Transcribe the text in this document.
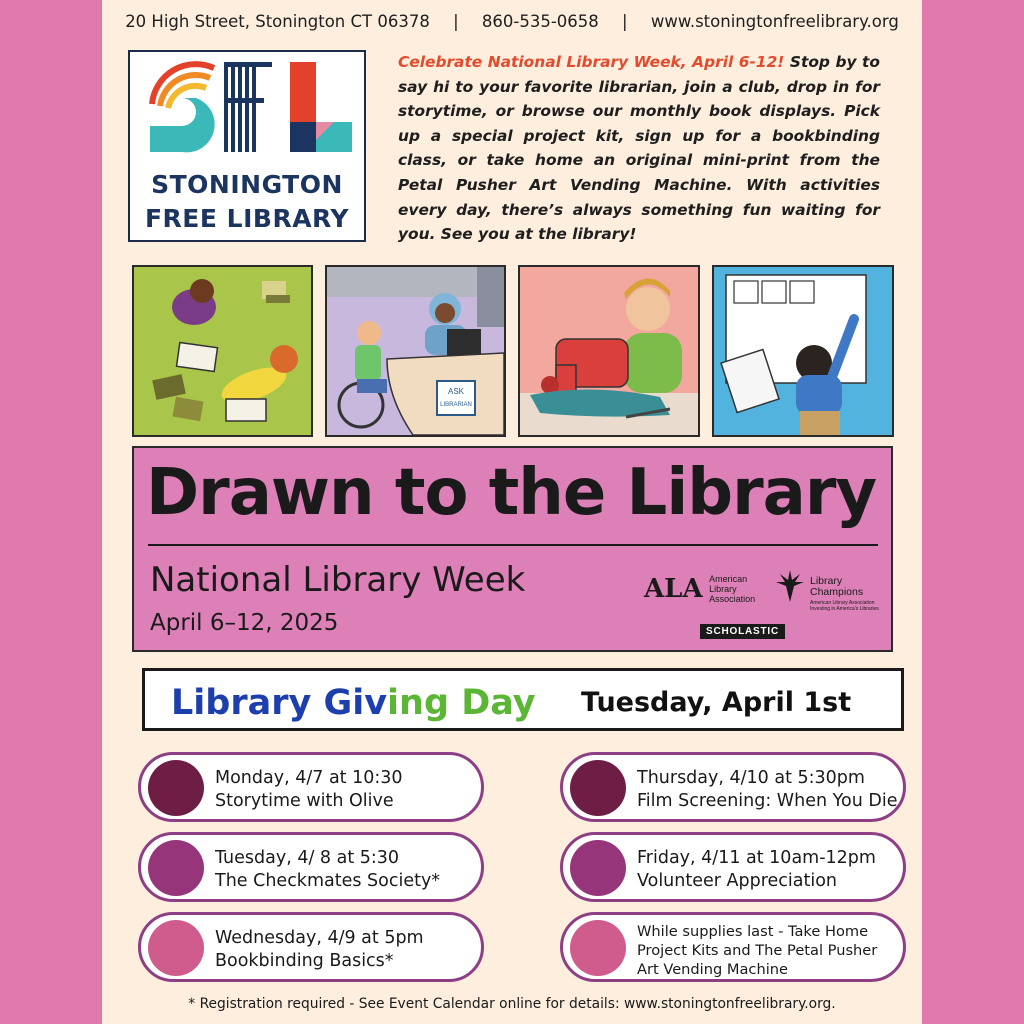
20 High Street, Stonington CT 06378 | 860-535-0658 | www.stoningtonfreelibrary.org
STONINGTON
FREE LIBRARY
Celebrate National Library Week, April 6-12! Stop by to say hi to your favorite librarian, join a club, drop in for storytime, or browse our monthly book displays. Pick up a special project kit, sign up for a bookbinding class, or take home an original mini-print from the Petal Pusher Art Vending Machine. With activities every day, there’s always something fun waiting for you. See you at the library!
ASK
LIBRARIAN
Drawn to the Library
National Library Week
April 6–12, 2025
ALA American
Library
Association
Library
Champions
American Library Association
Investing in America's Libraries
SCHOLASTIC
Library Giving Day Tuesday, April 1st
Monday, 4/7 at 10:30
Storytime with Olive
Tuesday, 4/ 8 at 5:30
The Checkmates Society*
Wednesday, 4/9 at 5pm
Bookbinding Basics*
Thursday, 4/10 at 5:30pm
Film Screening: When You Die
Friday, 4/11 at 10am-12pm
Volunteer Appreciation
While supplies last - Take Home
Project Kits and The Petal Pusher
Art Vending Machine
* Registration required - See Event Calendar online for details: www.stoningtonfreelibrary.org.
